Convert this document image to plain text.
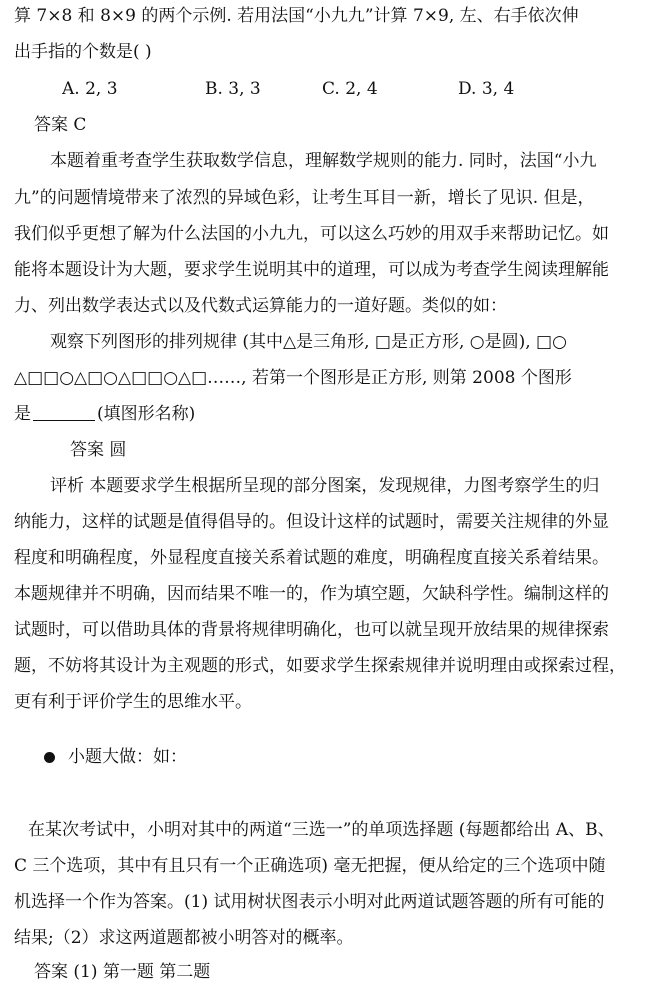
算 7×8 和 8×9 的两个示例. 若用法国“小九九”计算 7×9, 左、右手依次伸
出手指的个数是( )
A. 2, 3	B. 3, 3	C. 2, 4	D. 3, 4
答案 C
本题着重考查学生获取数学信息，理解数学规则的能力. 同时，法国“小九
九”的问题情境带来了浓烈的异域色彩，让考生耳目一新，增长了见识. 但是，
我们似乎更想了解为什么法国的小九九，可以这么巧妙的用双手来帮助记忆。如
能将本题设计为大题，要求学生说明其中的道理，可以成为考查学生阅读理解能
力、列出数学表达式以及代数式运算能力的一道好题。类似的如：
观察下列图形的排列规律 (其中△是三角形, □是正方形, ○是圆), □○
△□□○△□○△□□○△□……, 若第一个图形是正方形, 则第 2008 个图形
是	(填图形名称)
答案 圆
评析 本题要求学生根据所呈现的部分图案，发现规律，力图考察学生的归
纳能力，这样的试题是值得倡导的。但设计这样的试题时，需要关注规律的外显
程度和明确程度，外显程度直接关系着试题的难度，明确程度直接关系着结果。
本题规律并不明确，因而结果不唯一的，作为填空题，欠缺科学性。编制这样的
试题时，可以借助具体的背景将规律明确化，也可以就呈现开放结果的规律探索
题，不妨将其设计为主观题的形式，如要求学生探索规律并说明理由或探索过程，
更有利于评价学生的思维水平。
小题大做：如：
在某次考试中，小明对其中的两道“三选一”的单项选择题 (每题都给出 A、B、
C 三个选项，其中有且只有一个正确选项) 毫无把握，便从给定的三个选项中随
机选择一个作为答案。(1) 试用树状图表示小明对此两道试题答题的所有可能的
结果;（2）求这两道题都被小明答对的概率。
答案 (1) 第一题 第二题
